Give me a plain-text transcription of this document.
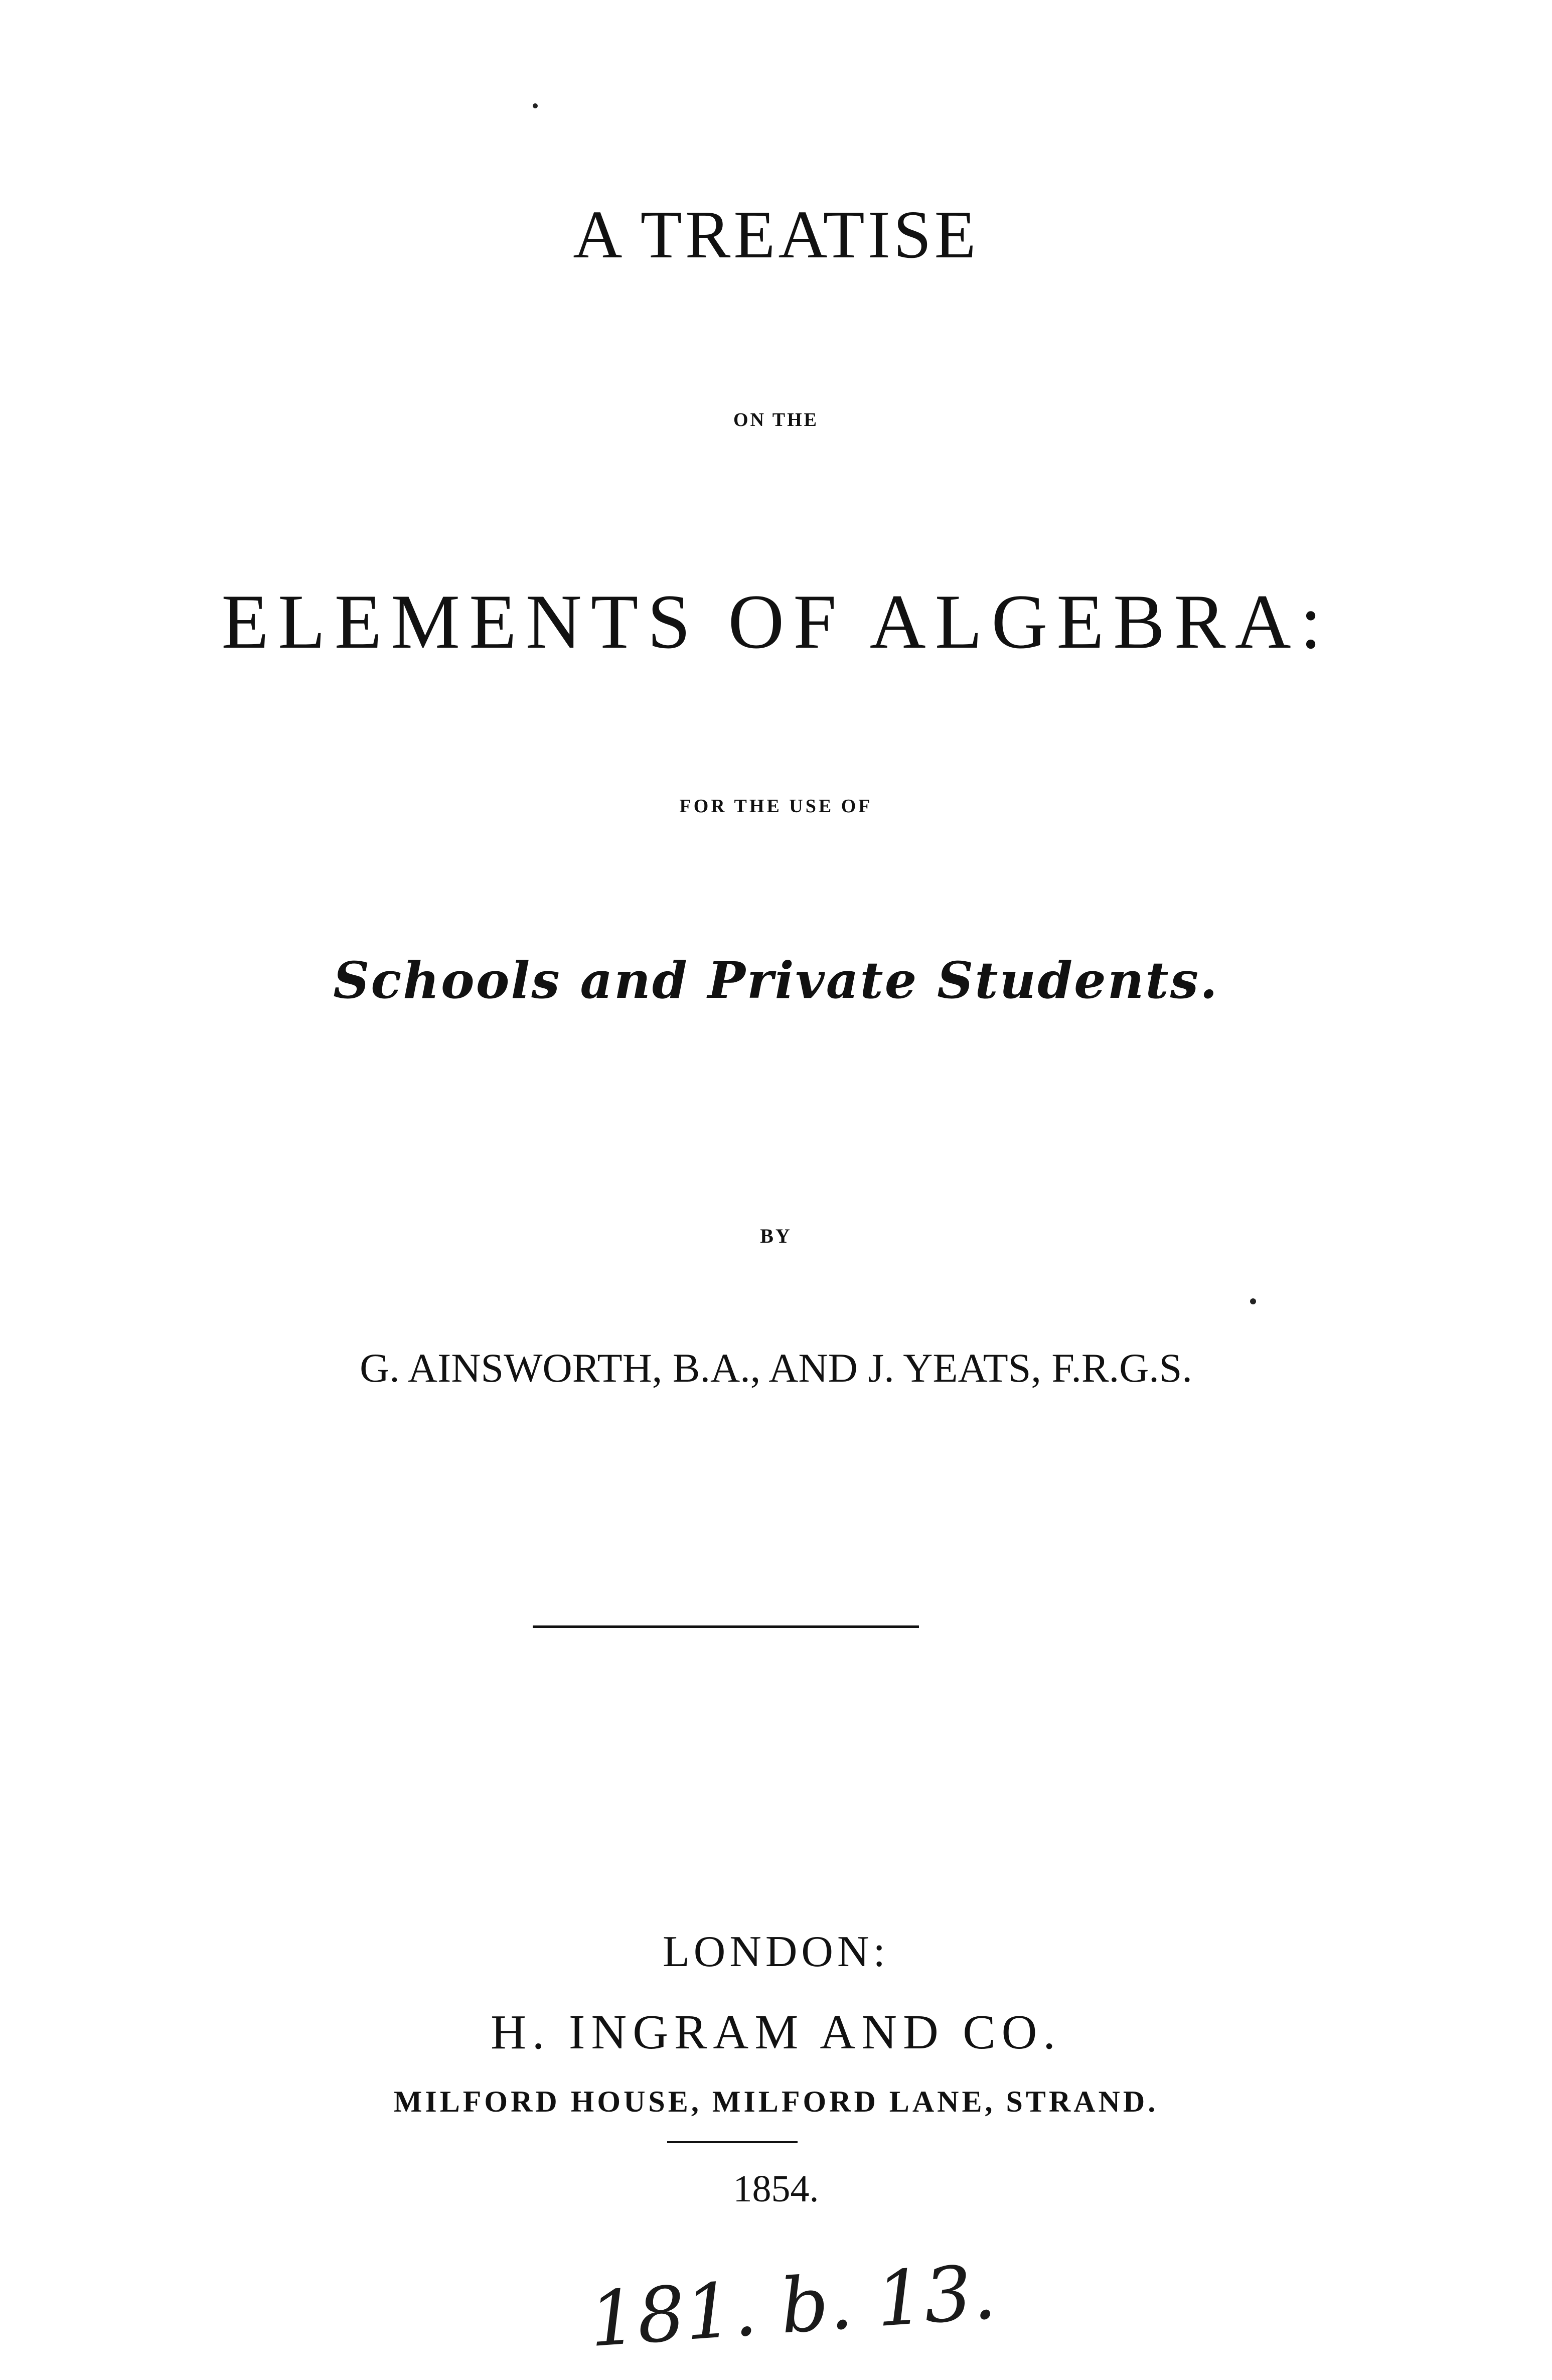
A TREATISE
ON THE
ELEMENTS OF ALGEBRA:
FOR THE USE OF
Schools and Private Students.
BY
G. AINSWORTH, B.A., AND J. YEATS, F.R.G.S.
LONDON:
H. INGRAM AND CO.
MILFORD HOUSE, MILFORD LANE, STRAND.
1854.
181. b. 13.
